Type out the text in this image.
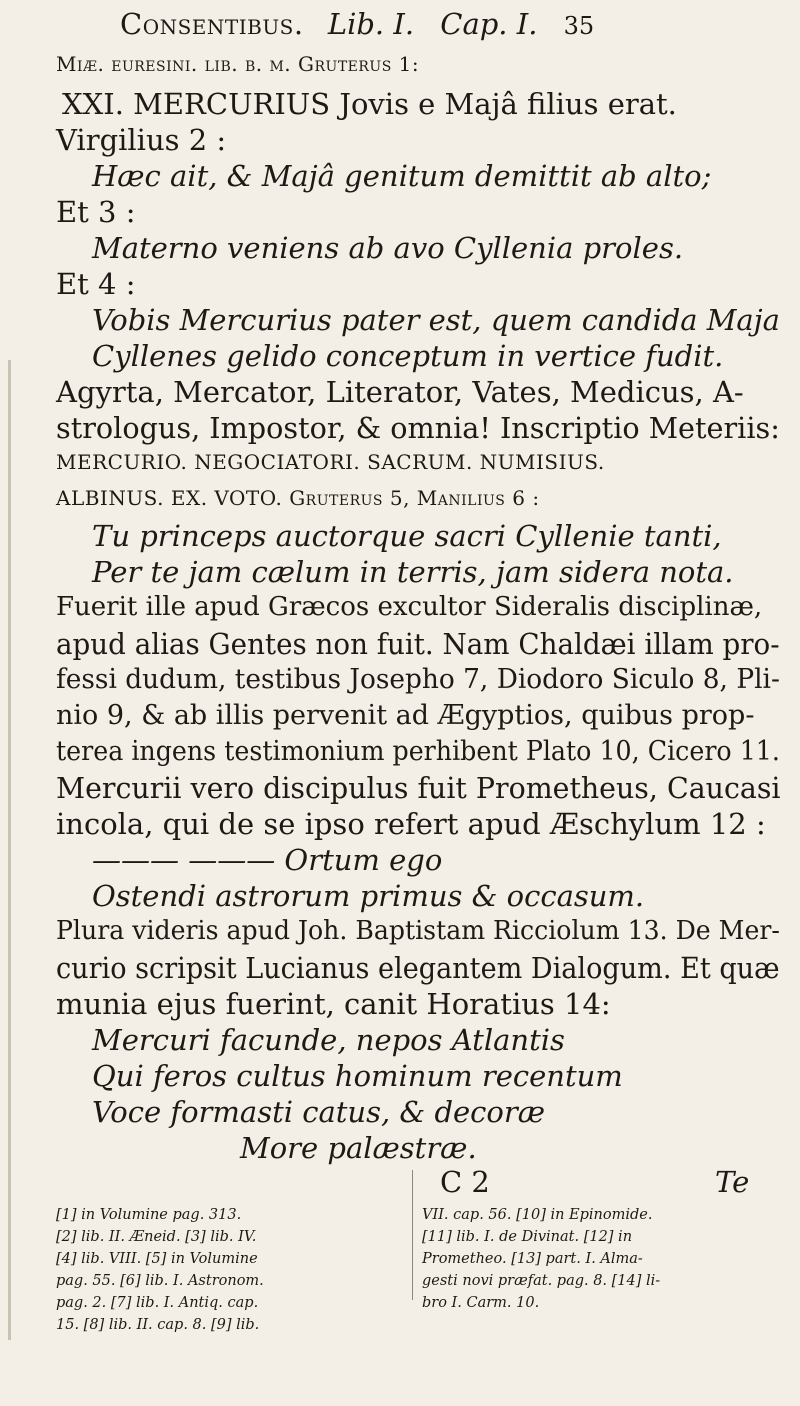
Consentibus. Lib. I. Cap. I. 35
Miæ. euresini. lib. b. m. Gruterus 1:
XXI. MERCURIUS Jovis e Majâ filius erat.
Virgilius 2 :
Hæc ait, & Majâ genitum demittit ab alto;
Et 3 :
Materno veniens ab avo Cyllenia proles.
Et 4 :
Vobis Mercurius pater est, quem candida Maja
Cyllenes gelido conceptum in vertice fudit.
Agyrta, Mercator, Literator, Vates, Medicus, A-
strologus, Impostor, & omnia! Inscriptio Meteriis:
MERCURIO. NEGOCIATORI. SACRUM. NUMISIUS.
ALBINUS. EX. VOTO. Gruterus 5, Manilius 6 :
Tu princeps auctorque sacri Cyllenie tanti,
Per te jam cælum in terris, jam sidera nota.
Fuerit ille apud Græcos excultor Sideralis disciplinæ,
apud alias Gentes non fuit. Nam Chaldæi illam pro-
fessi dudum, testibus Josepho 7, Diodoro Siculo 8, Pli-
nio 9, & ab illis pervenit ad Ægyptios, quibus prop-
terea ingens testimonium perhibent Plato 10, Cicero 11.
Mercurii vero discipulus fuit Prometheus, Caucasi
incola, qui de se ipso refert apud Æschylum 12 :
——— ——— Ortum ego
Ostendi astrorum primus & occasum.
Plura videris apud Joh. Baptistam Ricciolum 13. De Mer-
curio scripsit Lucianus elegantem Dialogum. Et quæ
munia ejus fuerint, canit Horatius 14:
Mercuri facunde, nepos Atlantis
Qui feros cultus hominum recentum
Voce formasti catus, & decoræ
More palæstræ.
C 2	Te
[1] in Volumine pag. 313.
[2] lib. II. Æneid. [3] lib. IV.
[4] lib. VIII. [5] in Volumine
pag. 55. [6] lib. I. Astronom.
pag. 2. [7] lib. I. Antiq. cap.
15. [8] lib. II. cap. 8. [9] lib.
VII. cap. 56. [10] in Epinomide.
[11] lib. I. de Divinat. [12] in
Prometheo. [13] part. I. Alma-
gesti novi præfat. pag. 8. [14] li-
bro I. Carm. 10.
